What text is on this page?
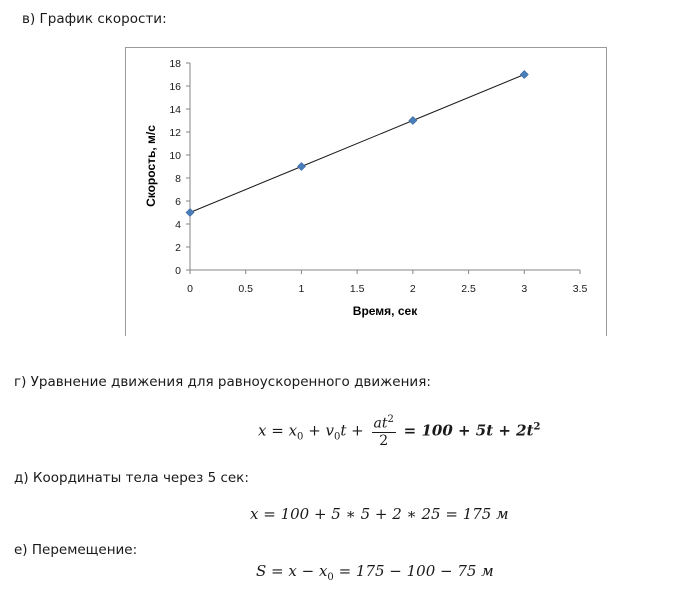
в) График скорости:
0
2
4
6
8
10
12
14
16
18
0	0.5	1	1.5	2	2.5	3	3.5
Время, сек
Скорость, м/с
г) Уравнение движения для равноускоренного движения:
$x = x_0 + v_0t + \frac{at^2}{2} = 100 + 5t + 2t^2$
д) Координаты тела через 5 сек:
x = 100 + 5 ∗ 5 + 2 ∗ 25 = 175 м
е) Перемещение:
$S = x - x_0 = 175 - 100 - 75$ м
